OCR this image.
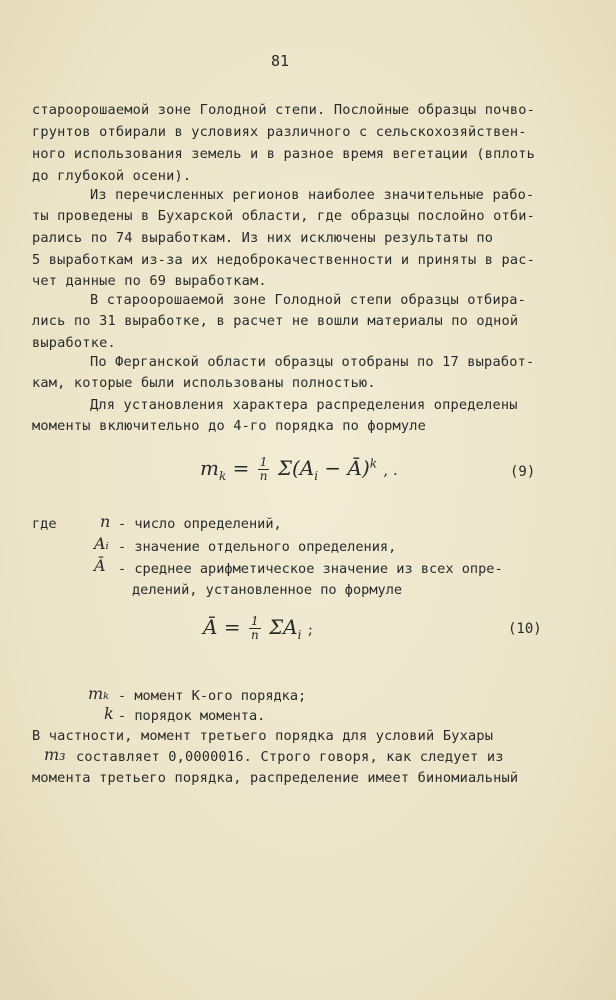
81
староорошаемой зоне Голодной степи. Послойные образцы почво-
грунтов отбирали в условиях различного с сельскохозяйствен-
ного использования земель и в разное время вегетации (вплоть
до глубокой осени).
Из перечисленных регионов наиболее значительные рабо-
ты проведены в Бухарской области, где образцы послойно отби-
рались по 74 выработкам. Из них исключены результаты по
5 выработкам из-за их недоброкачественности и приняты в рас-
чет данные по 69 выработкам.
В староорошаемой зоне Голодной степи образцы отбира-
лись по 31 выработке, в расчет не вошли материалы по одной
выработке.
По Ферганской области образцы отобраны по 17 выработ-
кам, которые были использованы полностью.
Для установления характера распределения определены
моменты включительно до 4-го порядка по формуле
$m_k = \frac{1}{n} \Sigma(A_i$ − Ā)$^k$ , .	(9)
где	n - число определений,
Aᵢ - значение отдельного определения,
Ā - среднее арифметическое значение из всех опре-
делений, установленное по формуле
Ā = $\frac{1}{n} \Sigma A_i$ ;	(10)
mₖ - момент К-ого порядка;
k - порядок момента.
В частности, момент третьего порядка для условий Бухары
m₃ составляет 0,0000016. Строго говоря, как следует из
момента третьего порядка, распределение имеет биномиальный
